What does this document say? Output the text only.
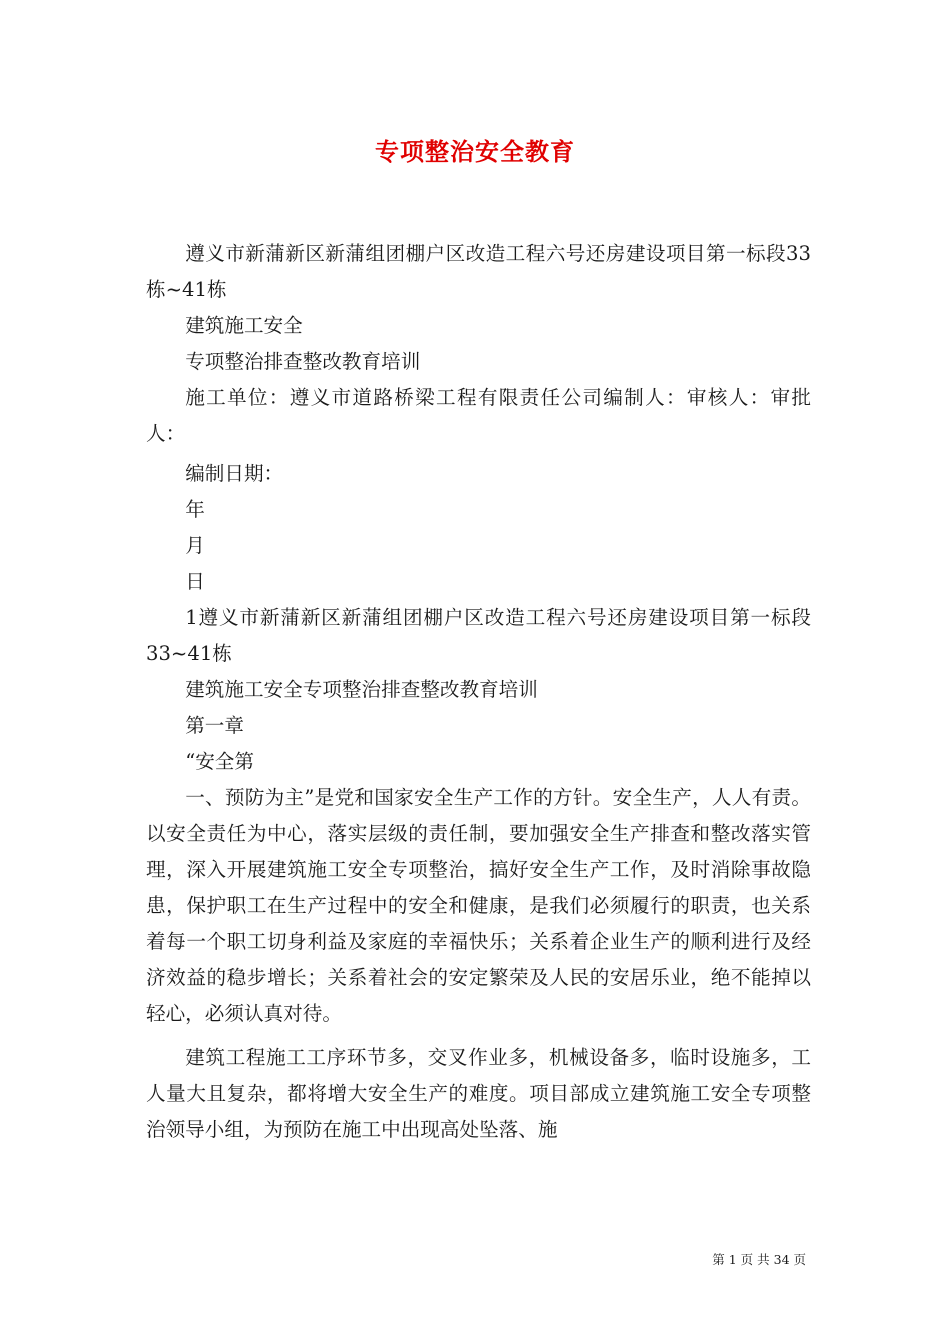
专项整治安全教育

遵义市新蒲新区新蒲组团棚户区改造工程六号还房建设项目第一标段33栋~41栋

建筑施工安全

专项整治排查整改教育培训

施工单位：遵义市道路桥梁工程有限责任公司编制人：审核人：审批人：

编制日期：

年

月

日

1遵义市新蒲新区新蒲组团棚户区改造工程六号还房建设项目第一标段33~41栋

建筑施工安全专项整治排查整改教育培训

第一章

“安全第

一、预防为主”是党和国家安全生产工作的方针。安全生产，人人有责。以安全责任为中心，落实层级的责任制，要加强安全生产排查和整改落实管理，深入开展建筑施工安全专项整治，搞好安全生产工作，及时消除事故隐患，保护职工在生产过程中的安全和健康，是我们必须履行的职责，也关系着每一个职工切身利益及家庭的幸福快乐；关系着企业生产的顺利进行及经济效益的稳步增长；关系着社会的安定繁荣及人民的安居乐业，绝不能掉以轻心，必须认真对待。

建筑工程施工工序环节多，交叉作业多，机械设备多，临时设施多，工人量大且复杂，都将增大安全生产的难度。项目部成立建筑施工安全专项整治领导小组，为预防在施工中出现高处坠落、施

第 1 页 共 34 页
